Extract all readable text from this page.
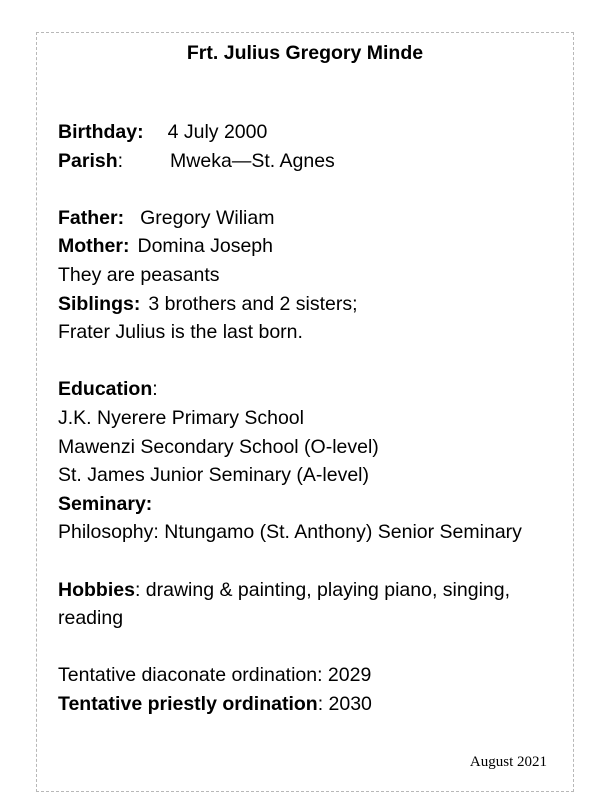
Frt. Julius Gregory Minde
Birthday: 4 July 2000
Parish: Mweka—St. Agnes
Father: Gregory Wiliam
Mother: Domina Joseph
They are peasants
Siblings: 3 brothers and 2 sisters;
Frater Julius is the last born.
Education:
J.K. Nyerere Primary School
Mawenzi Secondary School (O-level)
St. James Junior Seminary (A-level)
Seminary:
Philosophy: Ntungamo (St. Anthony) Senior Seminary
Hobbies: drawing & painting, playing piano, singing, reading
Tentative diaconate ordination: 2029
Tentative priestly ordination: 2030
August 2021
